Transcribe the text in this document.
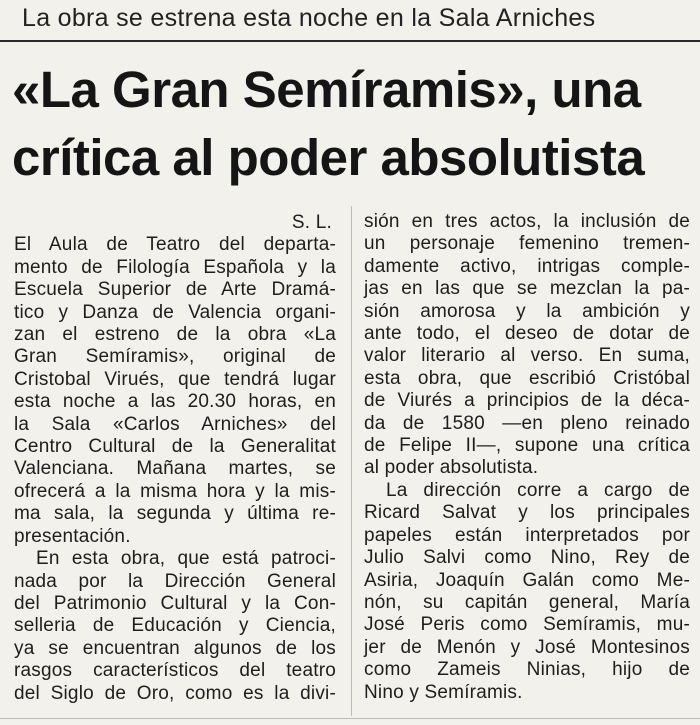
La obra se estrena esta noche en la Sala Arniches
«La Gran Semíramis», una
crítica al poder absolutista

S. L.

El Aula de Teatro del departa-
mento de Filología Española y la
Escuela Superior de Arte Dramá-
tico y Danza de Valencia organi-
zan el estreno de la obra «La
Gran Semíramis», original de
Cristobal Virués, que tendrá lugar
esta noche a las 20.30 horas, en
la Sala «Carlos Arniches» del
Centro Cultural de la Generalitat
Valenciana. Mañana martes, se
ofrecerá a la misma hora y la mis-
ma sala, la segunda y última re-
presentación.

En esta obra, que está patroci-
nada por la Dirección General
del Patrimonio Cultural y la Con-
selleria de Educación y Ciencia,
ya se encuentran algunos de los
rasgos característicos del teatro
del Siglo de Oro, como es la divi-

sión en tres actos, la inclusión de
un personaje femenino tremen-
damente activo, intrigas comple-
jas en las que se mezclan la pa-
sión amorosa y la ambición y
ante todo, el deseo de dotar de
valor literario al verso. En suma,
esta obra, que escribió Cristóbal
de Viurés a principios de la déca-
da de 1580 —en pleno reinado
de Felipe II—, supone una crítica
al poder absolutista.

La dirección corre a cargo de
Ricard Salvat y los principales
papeles están interpretados por
Julio Salvi como Nino, Rey de
Asiria, Joaquín Galán como Me-
nón, su capitán general, María
José Peris como Semíramis, mu-
jer de Menón y José Montesinos
como Zameis Ninias, hijo de
Nino y Semíramis.
